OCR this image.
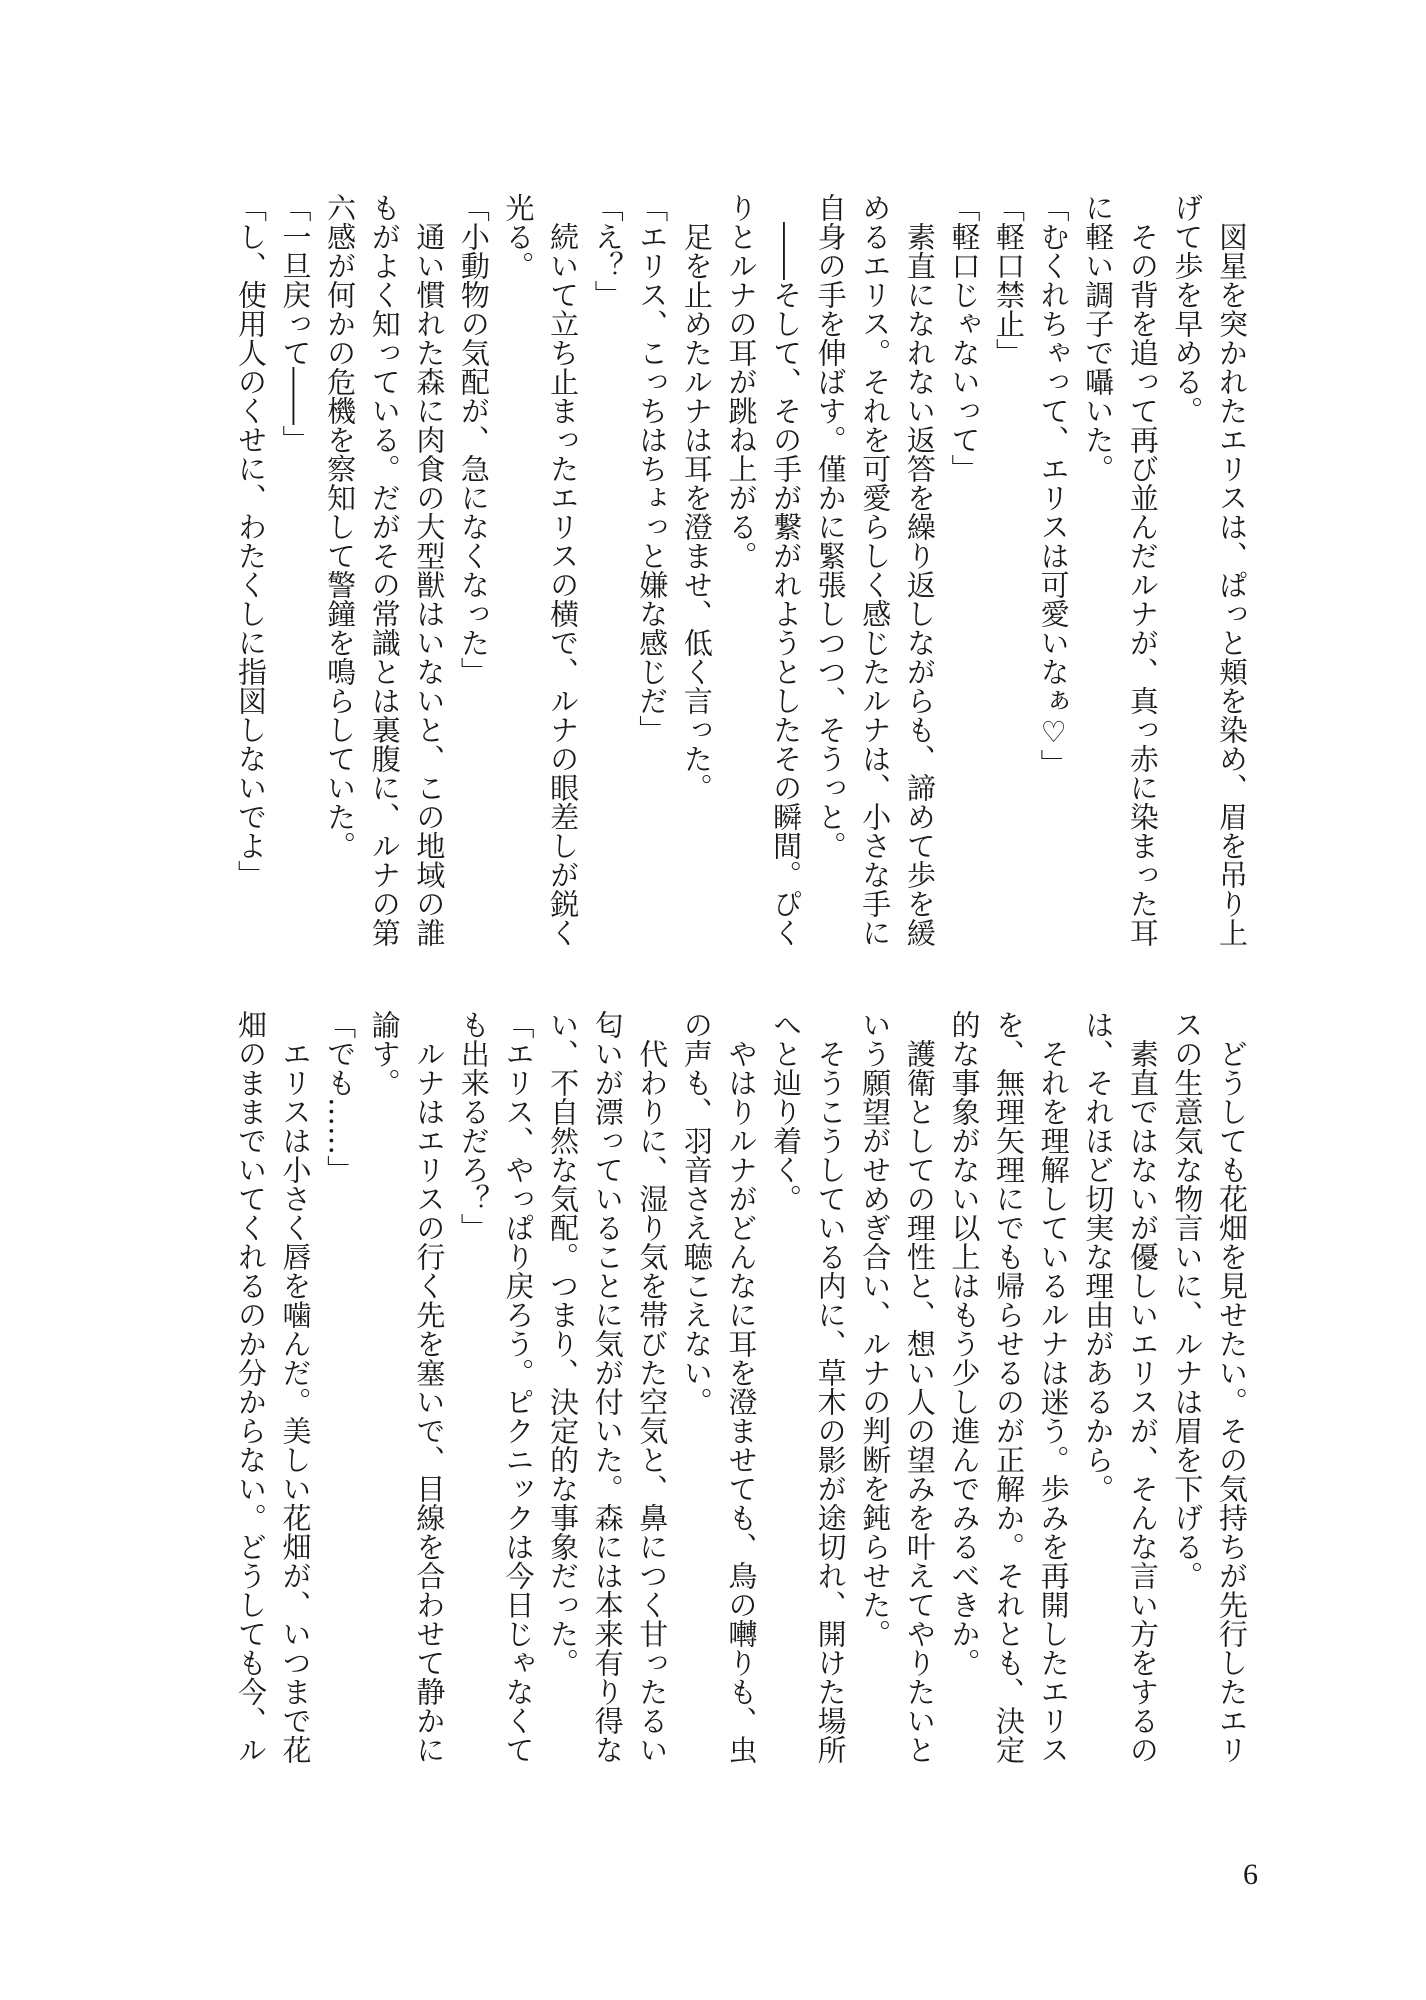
　図星を突かれたエリスは、ぱっと頬を染め、眉を吊り上
げて歩を早める。
　その背を追って再び並んだルナが、真っ赤に染まった耳
に軽い調子で囁いた。
「むくれちゃって、エリスは可愛いなぁ♡」
「軽口禁止」
「軽口じゃないって」
　素直になれない返答を繰り返しながらも、諦めて歩を緩
めるエリス。それを可愛らしく感じたルナは、小さな手に
自身の手を伸ばす。僅かに緊張しつつ、そうっと。
　――そして、その手が繋がれようとしたその瞬間。ぴく
りとルナの耳が跳ね上がる。
　足を止めたルナは耳を澄ませ、低く言った。
「エリス、こっちはちょっと嫌な感じだ」
「え？」
　続いて立ち止まったエリスの横で、ルナの眼差しが鋭く
光る。
「小動物の気配が、急になくなった」
　通い慣れた森に肉食の大型獣はいないと、この地域の誰
もがよく知っている。だがその常識とは裏腹に、ルナの第
六感が何かの危機を察知して警鐘を鳴らしていた。
「一旦戻って――」
「し、使用人のくせに、わたくしに指図しないでよ」
　どうしても花畑を見せたい。その気持ちが先行したエリ
スの生意気な物言いに、ルナは眉を下げる。
　素直ではないが優しいエリスが、そんな言い方をするの
は、それほど切実な理由があるから。
　それを理解しているルナは迷う。歩みを再開したエリス
を、無理矢理にでも帰らせるのが正解か。それとも、決定
的な事象がない以上はもう少し進んでみるべきか。
　護衛としての理性と、想い人の望みを叶えてやりたいと
いう願望がせめぎ合い、ルナの判断を鈍らせた。
　そうこうしている内に、草木の影が途切れ、開けた場所
へと辿り着く。
　やはりルナがどんなに耳を澄ませても、鳥の囀りも、虫
の声も、羽音さえ聴こえない。
　代わりに、湿り気を帯びた空気と、鼻につく甘ったるい
匂いが漂っていることに気が付いた。森には本来有り得な
い、不自然な気配。つまり、決定的な事象だった。
「エリス、やっぱり戻ろう。ピクニックは今日じゃなくて
も出来るだろ？」
　ルナはエリスの行く先を塞いで、目線を合わせて静かに
諭す。
「でも……」
　エリスは小さく唇を噛んだ。美しい花畑が、いつまで花
畑のままでいてくれるのか分からない。どうしても今、ル
6
